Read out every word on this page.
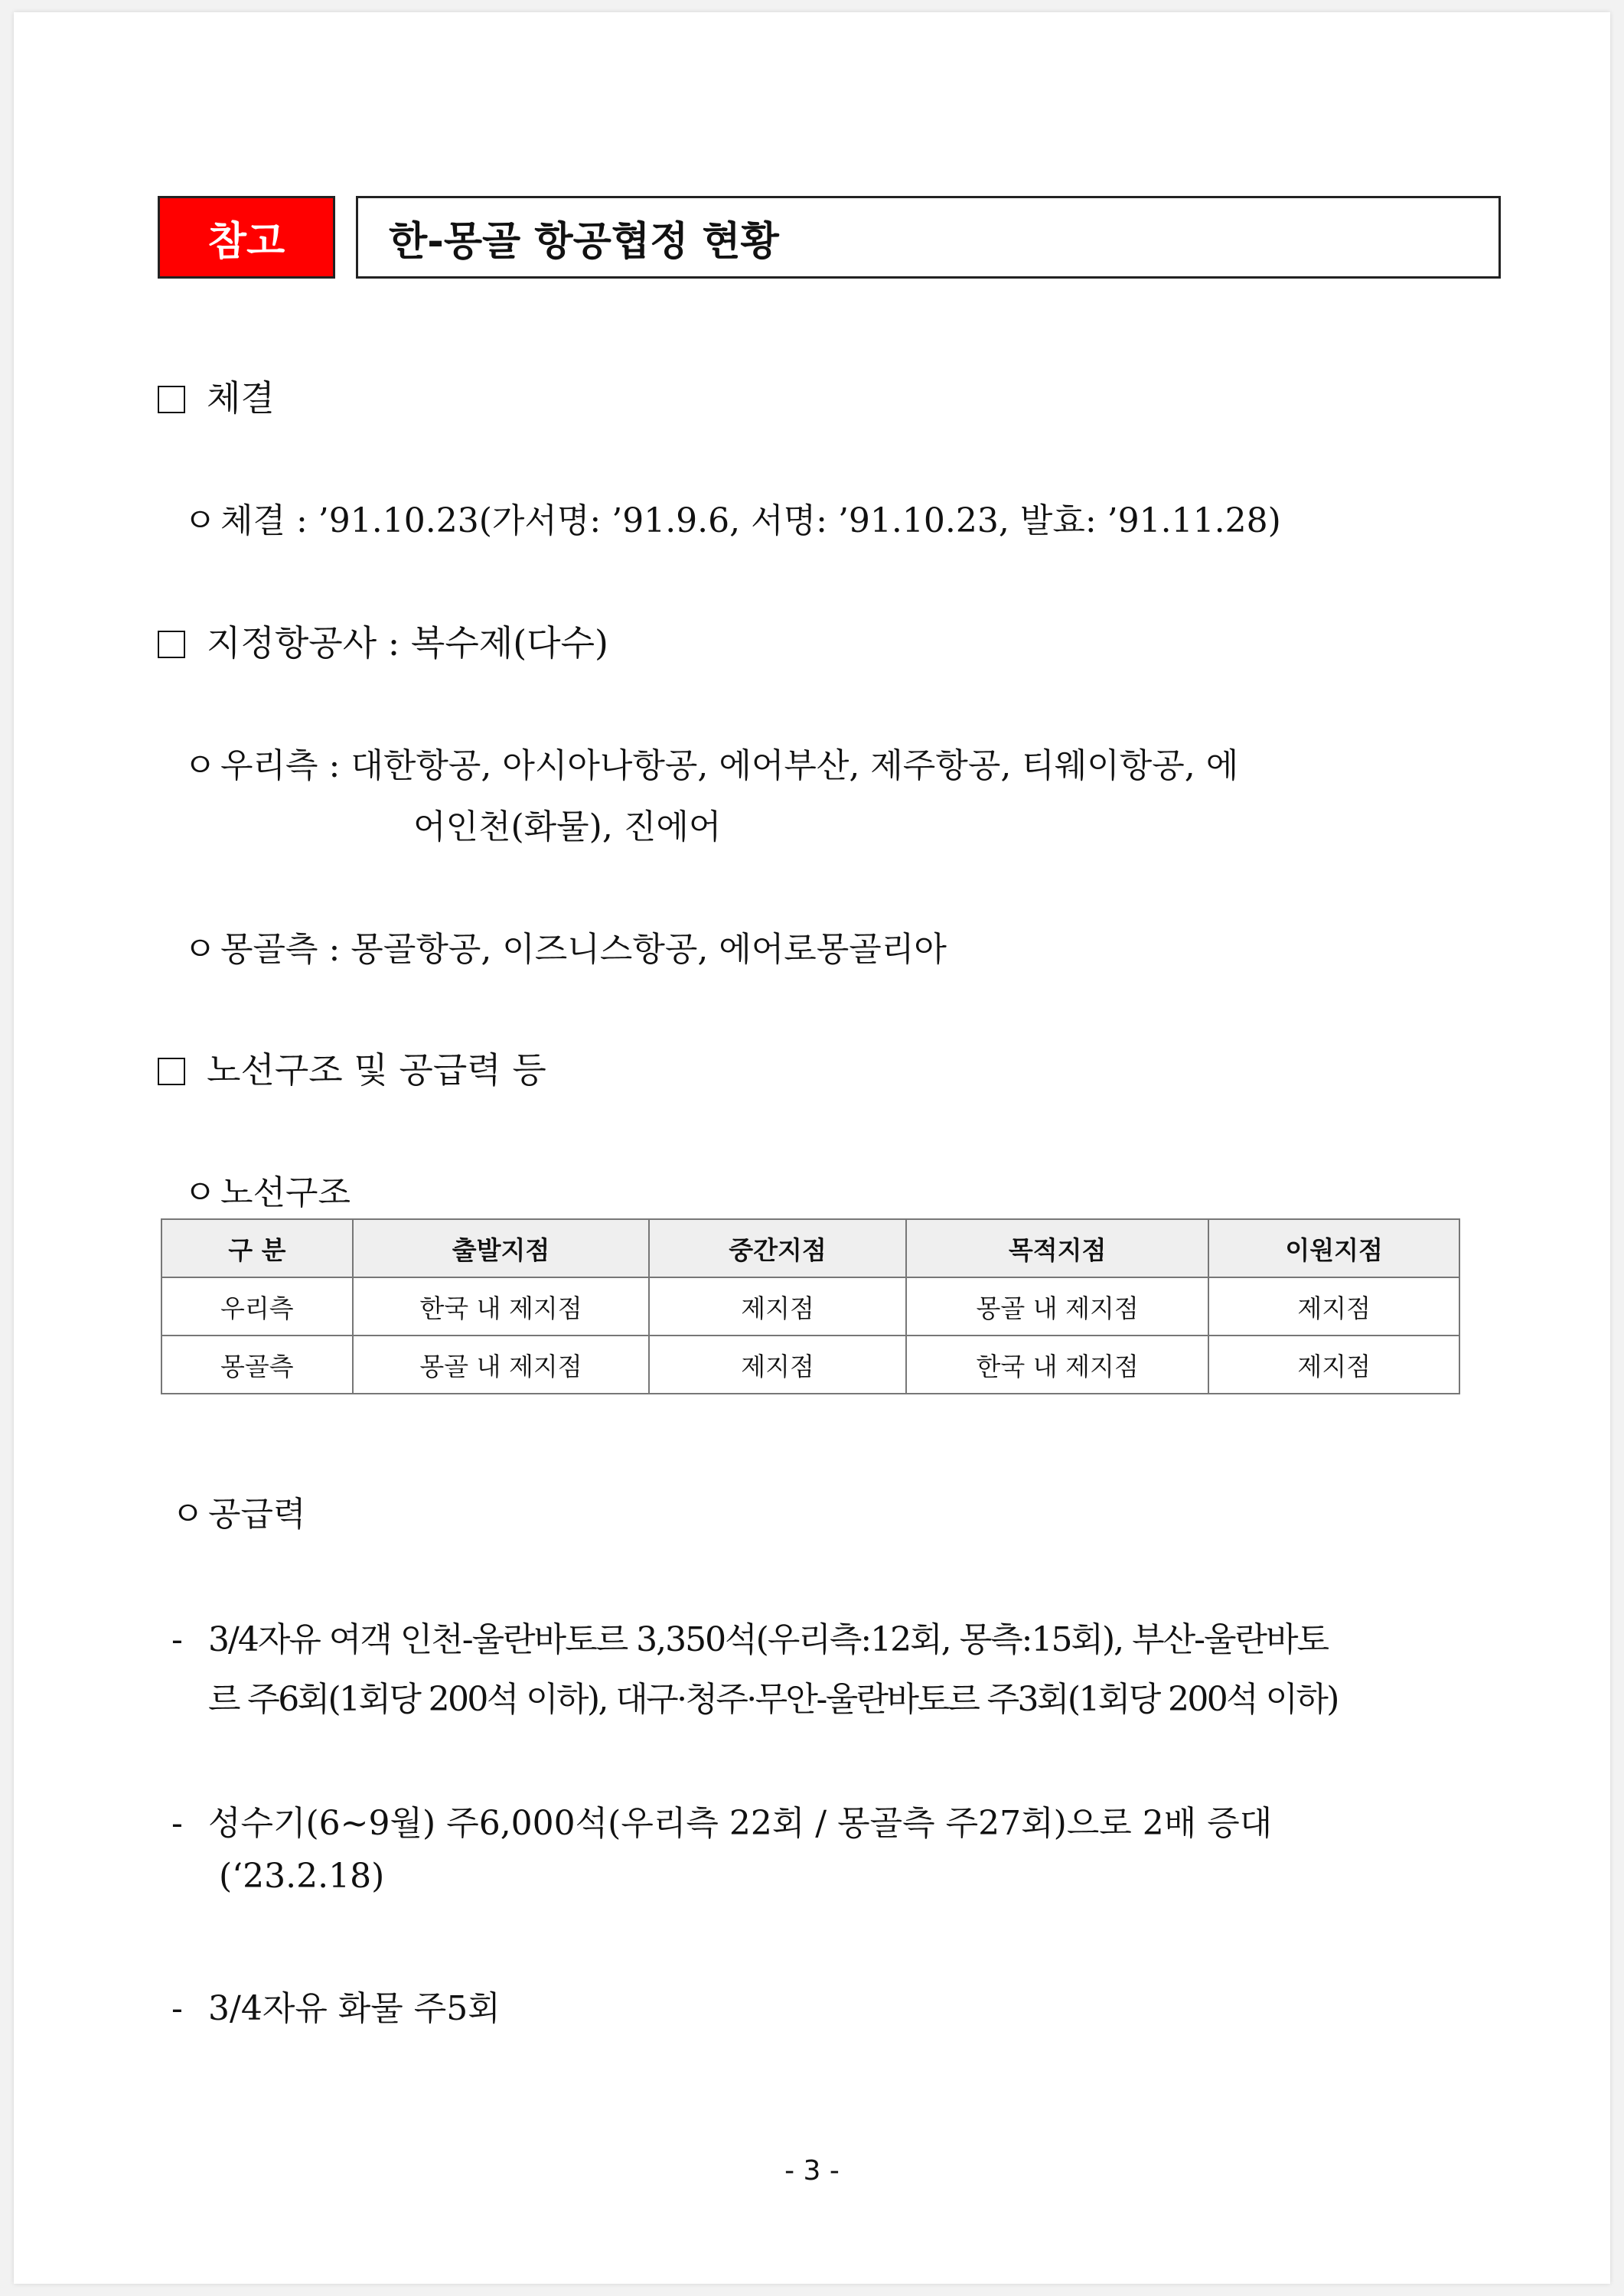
참고	한-몽골 항공협정 현황
체결
ㅇ 체결 : ’91.10.23(가서명: ’91.9.6, 서명: ’91.10.23, 발효: ’91.11.28)
지정항공사 : 복수제(다수)
ㅇ 우리측 : 대한항공, 아시아나항공, 에어부산, 제주항공, 티웨이항공, 에
어인천(화물), 진에어
ㅇ 몽골측 : 몽골항공, 이즈니스항공, 에어로몽골리아
노선구조 및 공급력 등
ㅇ 노선구조
구 분	출발지점	중간지점	목적지점	이원지점
우리측	한국 내 제지점	제지점	몽골 내 제지점	제지점
몽골측	몽골 내 제지점	제지점	한국 내 제지점	제지점
ㅇ 공급력
- 3/4자유 여객 인천-울란바토르 3,350석(우리측:12회, 몽측:15회), 부산-울란바토
르 주6회(1회당 200석 이하), 대구·청주·무안-울란바토르 주3회(1회당 200석 이하)
- 성수기(6~9월) 주6,000석(우리측 22회 / 몽골측 주27회)으로 2배 증대
(‘23.2.18)
- 3/4자유 화물 주5회
- 3 -
